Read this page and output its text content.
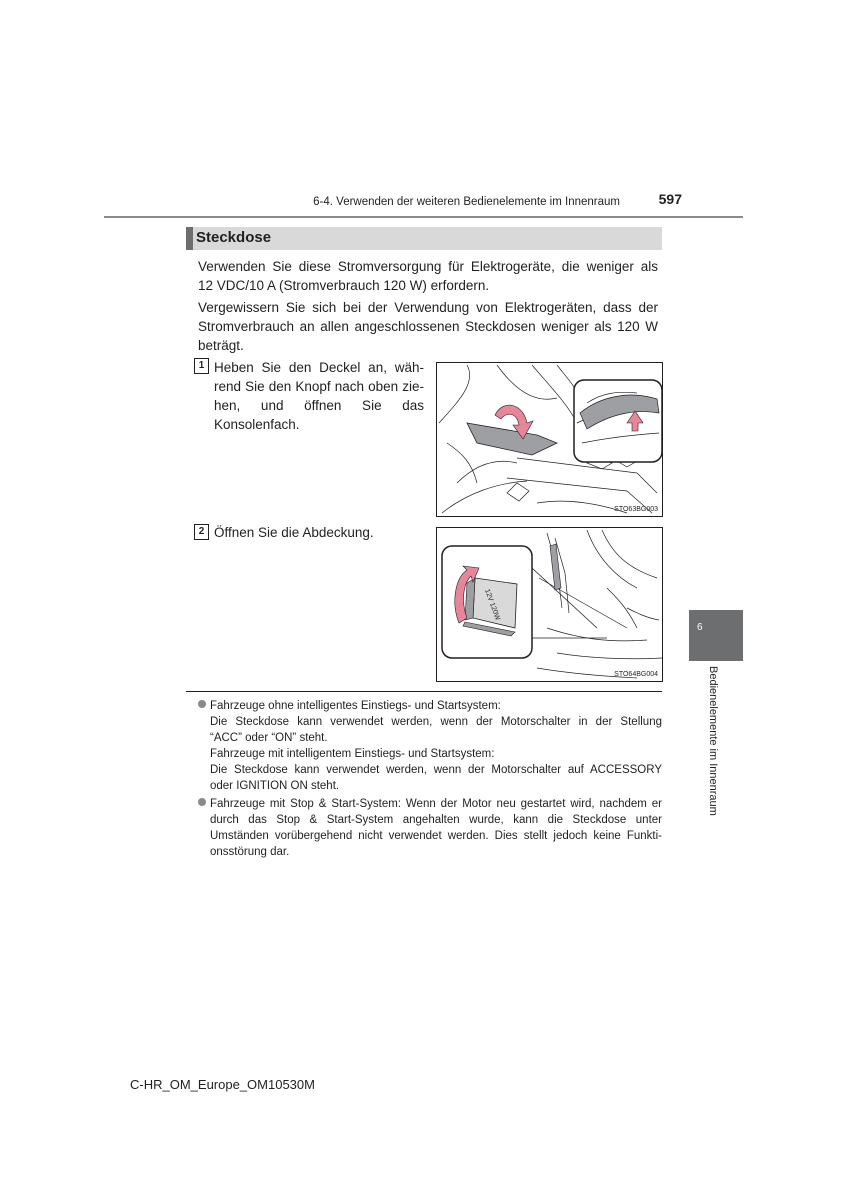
6-4. Verwenden der weiteren Bedienelemente im Innenraum	597
Steckdose
Verwenden Sie diese Stromversorgung für Elektrogeräte, die weniger als
12 VDC/10 A (Stromverbrauch 120 W) erfordern.
Vergewissern Sie sich bei der Verwendung von Elektrogeräten, dass der
Stromverbrauch an allen angeschlossenen Steckdosen weniger als 120 W
beträgt.
1 Heben Sie den Deckel an, wäh-
rend Sie den Knopf nach oben zie-
hen, und öffnen Sie das
Konsolenfach.
STO63BG003
2 Öffnen Sie die Abdeckung.
12V 120W
STO64BG004
Fahrzeuge ohne intelligentes Einstiegs- und Startsystem:
Die Steckdose kann verwendet werden, wenn der Motorschalter in der Stellung
“ACC” oder “ON” steht.
Fahrzeuge mit intelligentem Einstiegs- und Startsystem:
Die Steckdose kann verwendet werden, wenn der Motorschalter auf ACCESSORY
oder IGNITION ON steht.
Fahrzeuge mit Stop & Start-System: Wenn der Motor neu gestartet wird, nachdem er
durch das Stop & Start-System angehalten wurde, kann die Steckdose unter
Umständen vorübergehend nicht verwendet werden. Dies stellt jedoch keine Funkti-
onsstörung dar.
6
Bedienelemente im Innenraum
C-HR_OM_Europe_OM10530M
